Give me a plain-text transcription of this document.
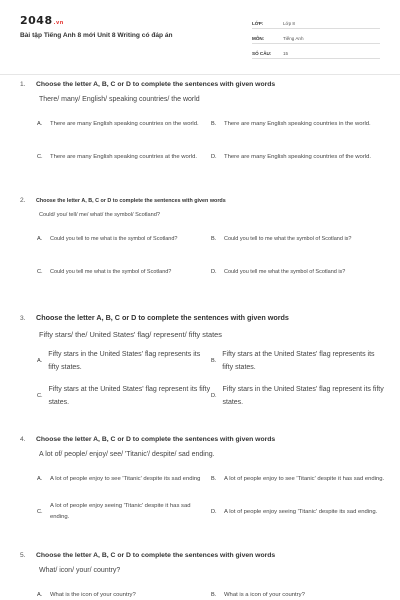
2048.vn
Bài tập Tiếng Anh 8 mới Unit 8 Writing có đáp án
LỚP:	Lớp 8
MÔN:	Tiếng Anh
SỐ CÂU:	15
1.	Choose the letter A, B, C or D to complete the sentences with given words
There/ many/ English/ speaking countries/ the world
A.	There are many English speaking countries on the world. B.	There are many English speaking countries in the world.
C.	There are many English speaking countries at the world. D.	There are many English speaking countries of the world.
2.	Choose the letter A, B, C or D to complete the sentences with given words
Could/ you/ tell/ me/ what/ the symbol/ Scotland?
A.	Could you tell to me what is the symbol of Scotland?	B.	Could you tell to me what the symbol of Scotland is?
C.	Could you tell me what is the symbol of Scotland?	D.	Could you tell me what the symbol of Scotland is?
3.	Choose the letter A, B, C or D to complete the sentences with given words
Fifty stars/ the/ United States' flag/ represent/ fifty states
A.
Fifty stars in the United States' flag represents its fifty states.
B.
Fifty stars at the United States' flag represents its fifty states.
C.
Fifty stars at the United States' flag represent its fifty states.
D.
Fifty stars in the United States' flag represent its fifty states.
4.	Choose the letter A, B, C or D to complete the sentences with given words
A lot of/ people/ enjoy/ see/ 'Titanic'/ despite/ sad ending.
A.	A lot of people enjoy to see 'Titanic' despite its sad ending B.	A lot of people enjoy to see 'Titanic' despite it has sad ending.
C.
A lot of people enjoy seeing 'Titanic' despite it has sad ending.
D.	A lot of people enjoy seeing 'Titanic' despite its sad ending.
5.	Choose the letter A, B, C or D to complete the sentences with given words
What/ icon/ your/ country?
A.	What is the icon of your country?	B.	What is a icon of your country?
